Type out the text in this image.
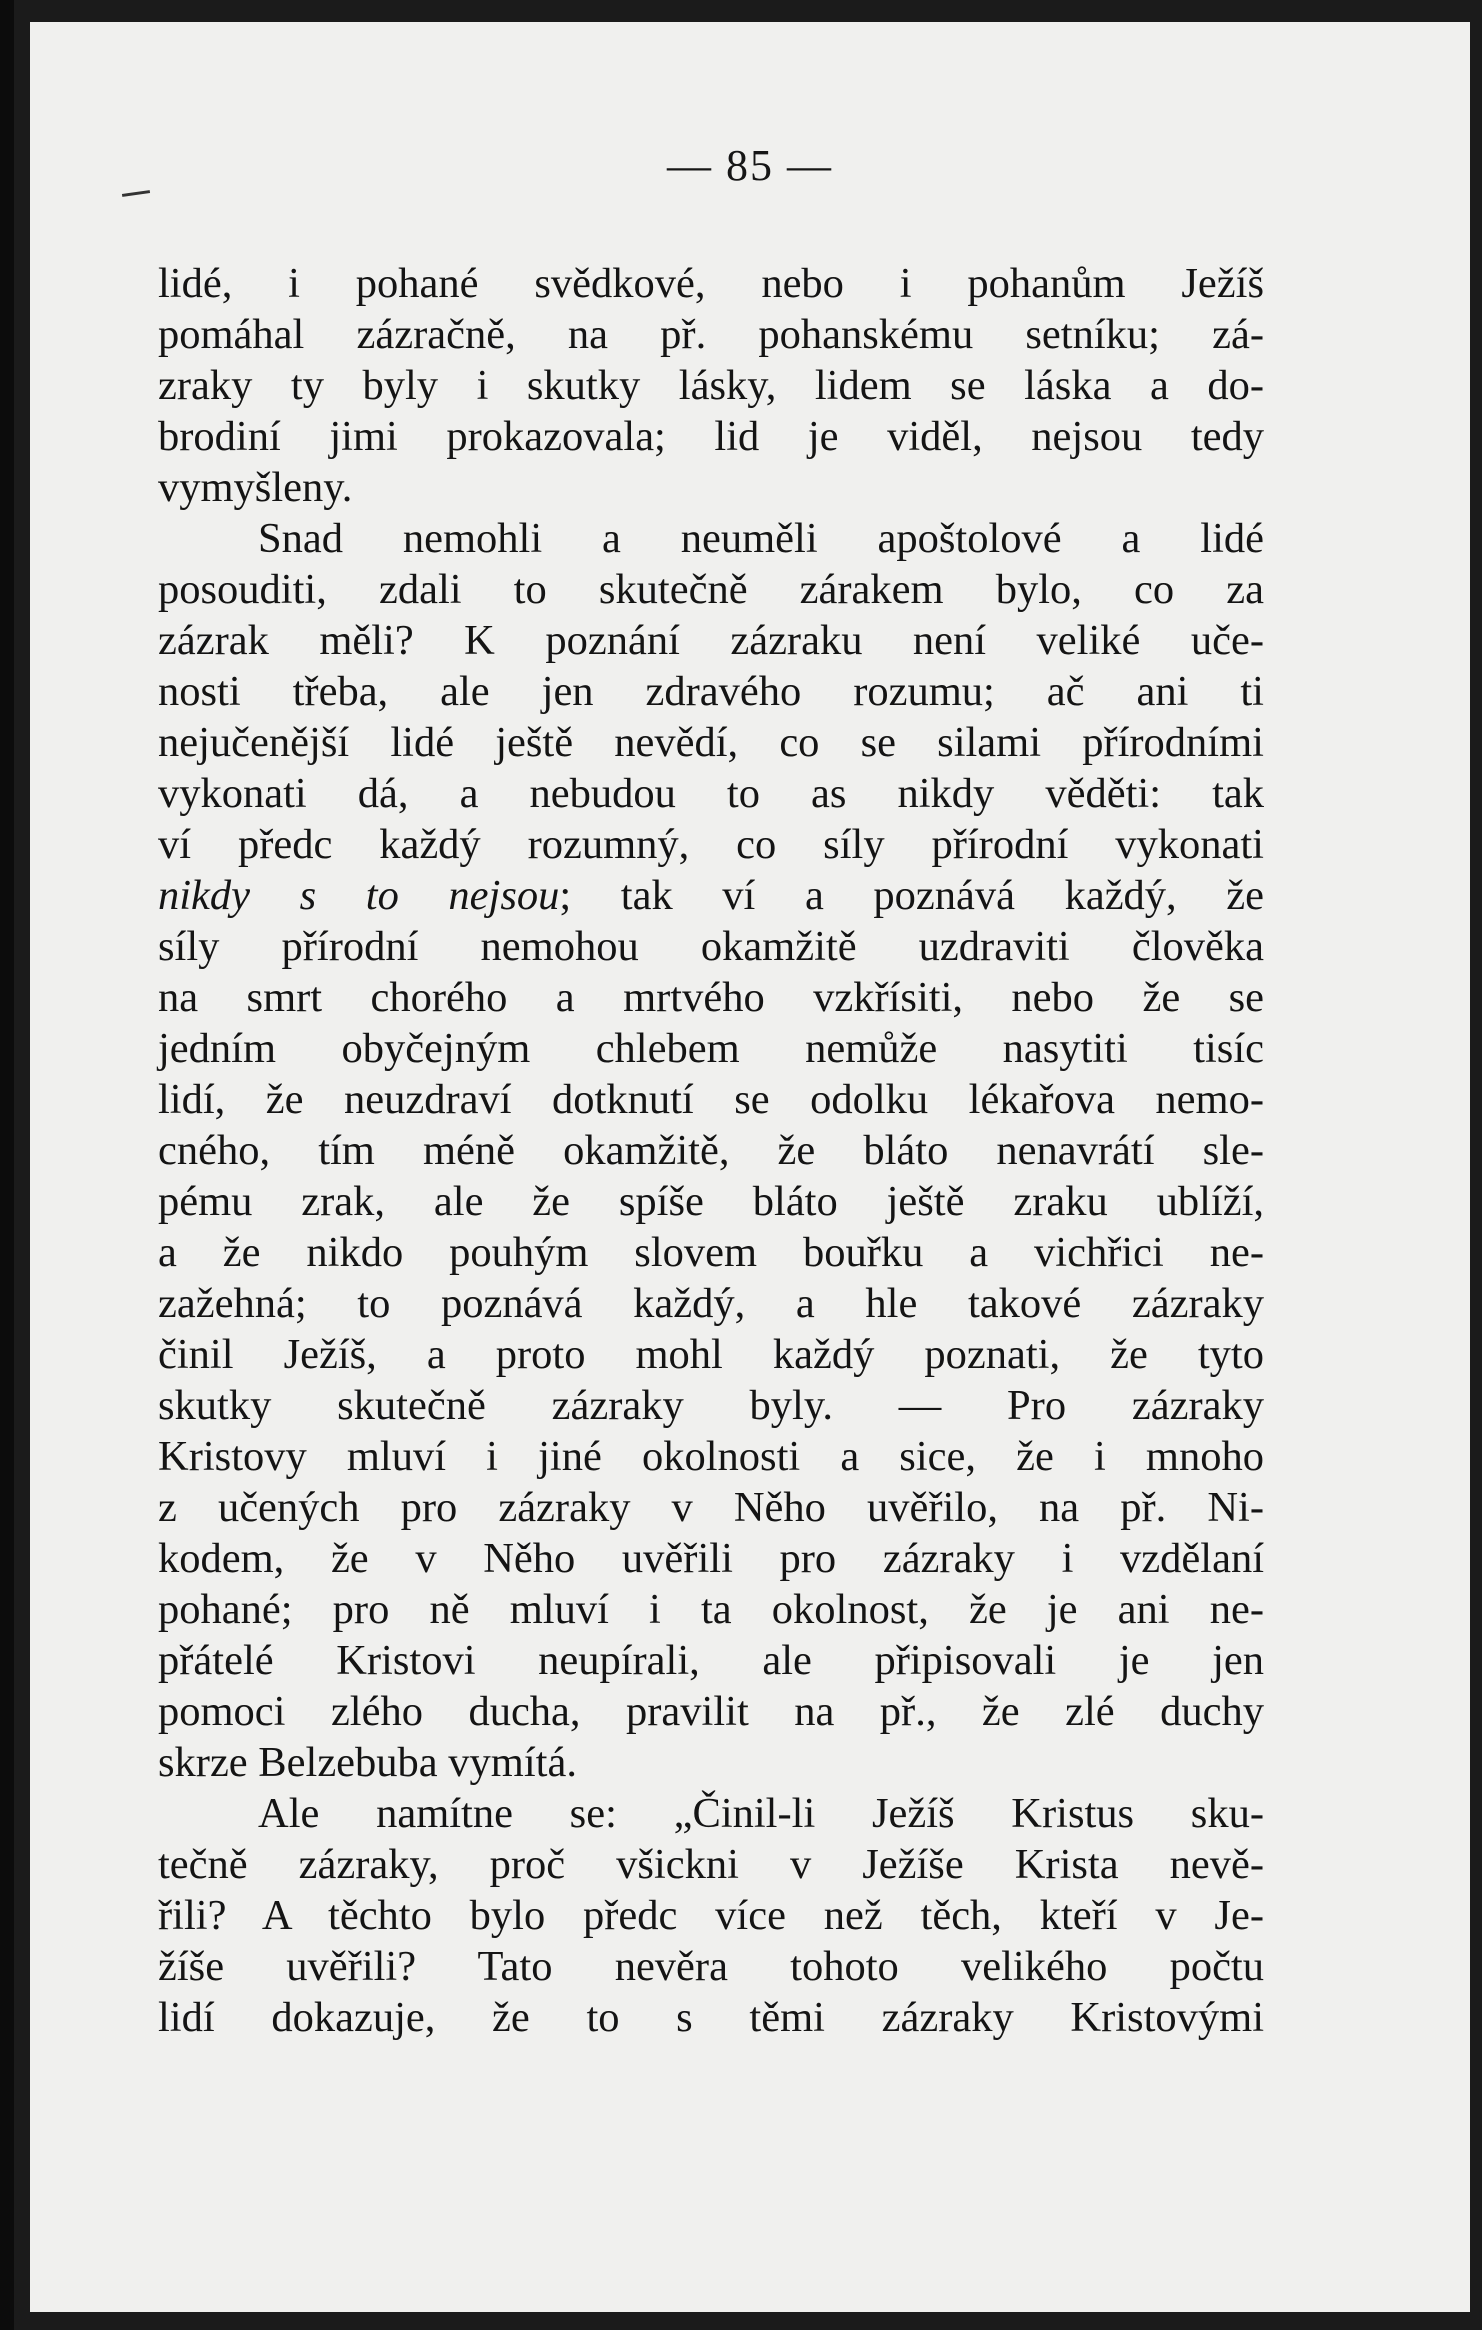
— 85 —
lidé, i pohané svědkové, nebo i pohanům Ježíš
pomáhal zázračně, na př. pohanskému setníku; zá-
zraky ty byly i skutky lásky, lidem se láska a do-
brodiní jimi prokazovala; lid je viděl, nejsou tedy
vymyšleny.
Snad nemohli a neuměli apoštolové a lidé
posouditi, zdali to skutečně zárakem bylo, co za
zázrak měli? K poznání zázraku není veliké uče-
nosti třeba, ale jen zdravého rozumu; ač ani ti
nejučenější lidé ještě nevědí, co se silami přírodními
vykonati dá, a nebudou to as nikdy věděti: tak
ví předc každý rozumný, co síly přírodní vykonati
nikdy s to nejsou; tak ví a poznává každý, že
síly přírodní nemohou okamžitě uzdraviti člověka
na smrt chorého a mrtvého vzkřísiti, nebo že se
jedním obyčejným chlebem nemůže nasytiti tisíc
lidí, že neuzdraví dotknutí se odolku lékařova nemo-
cného, tím méně okamžitě, že bláto nenavrátí sle-
pému zrak, ale že spíše bláto ještě zraku ublíží,
a že nikdo pouhým slovem bouřku a vichřici ne-
zažehná; to poznává každý, a hle takové zázraky
činil Ježíš, a proto mohl každý poznati, že tyto
skutky skutečně zázraky byly. — Pro zázraky
Kristovy mluví i jiné okolnosti a sice, že i mnoho
z učených pro zázraky v Něho uvěřilo, na př. Ni-
kodem, že v Něho uvěřili pro zázraky i vzdělaní
pohané; pro ně mluví i ta okolnost, že je ani ne-
přátelé Kristovi neupírali, ale připisovali je jen
pomoci zlého ducha, pravilit na př., že zlé duchy
skrze Belzebuba vymítá.
Ale namítne se: „Činil-li Ježíš Kristus sku-
tečně zázraky, proč všickni v Ježíše Krista nevě-
řili? A těchto bylo předc více než těch, kteří v Je-
žíše uvěřili? Tato nevěra tohoto velikého počtu
lidí dokazuje, že to s těmi zázraky Kristovými
